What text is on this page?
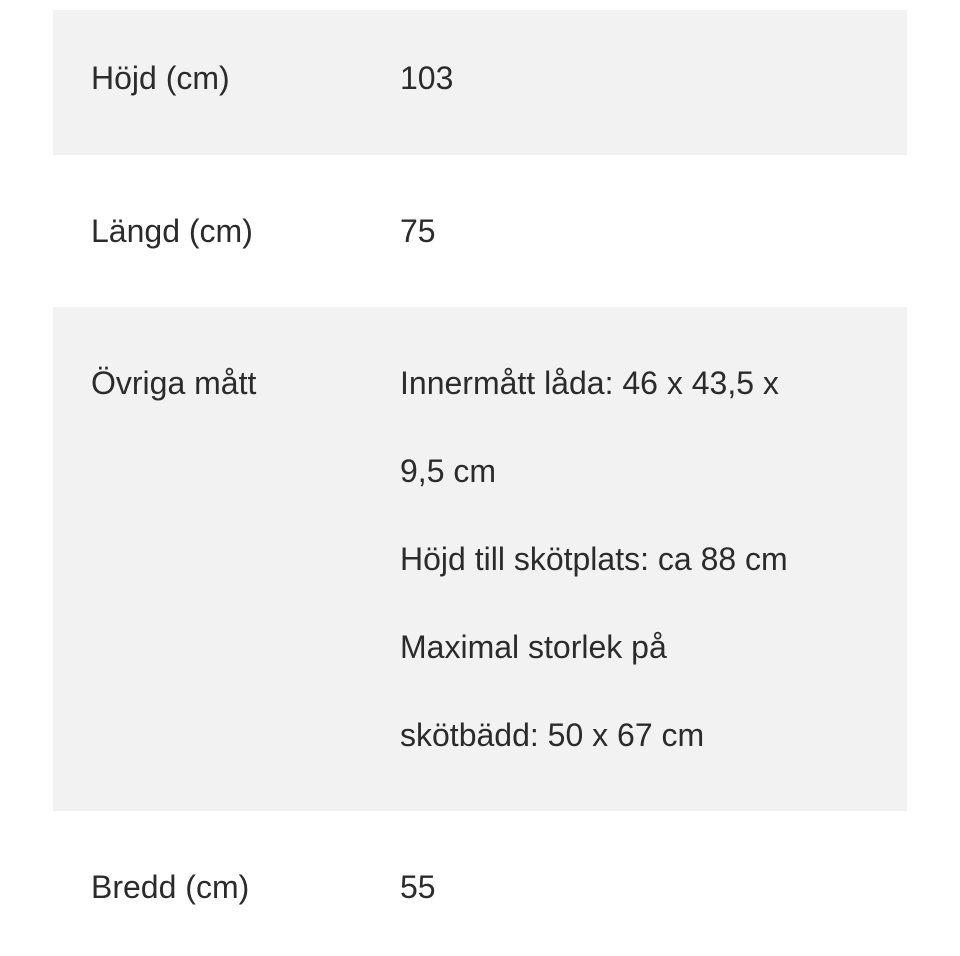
Höjd (cm)	103
Längd (cm)	75
Övriga mått	Innermått låda: 46 x 43,5 x
9,5 cm
Höjd till skötplats: ca 88 cm
Maximal storlek på
skötbädd: 50 x 67 cm
Bredd (cm)	55
